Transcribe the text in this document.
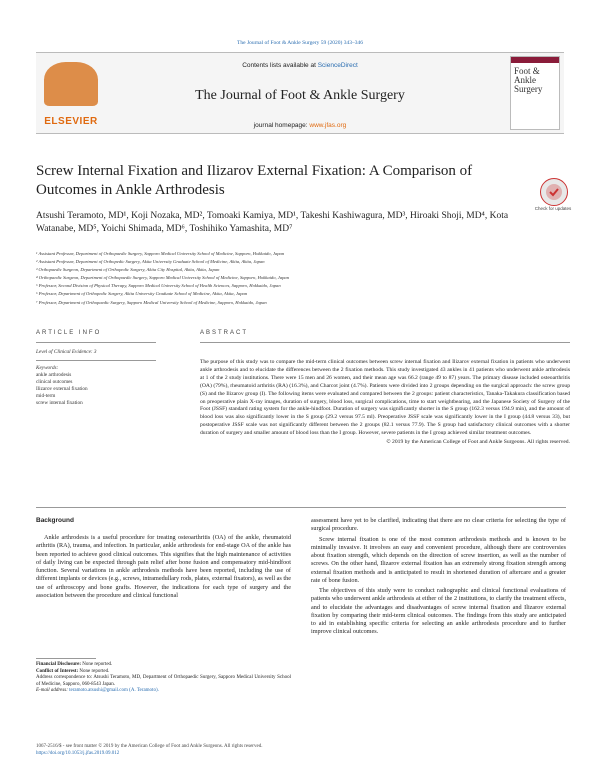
The Journal of Foot & Ankle Surgery 59 (2020) 343–346
ELSEVIER
Contents lists available at ScienceDirect
The Journal of Foot & Ankle Surgery
journal homepage: www.jfas.org
Foot & Ankle Surgery
Screw Internal Fixation and Ilizarov External Fixation: A Comparison of Outcomes in Ankle Arthrodesis
Check for updates
Atsushi Teramoto, MD¹, Koji Nozaka, MD², Tomoaki Kamiya, MD¹, Takeshi Kashiwagura, MD³, Hiroaki Shoji, MD⁴, Kota Watanabe, MD⁵, Yoichi Shimada, MD⁶, Toshihiko Yamashita, MD⁷
¹ Assistant Professor, Department of Orthopaedic Surgery, Sapporo Medical University School of Medicine, Sapporo, Hokkaido, Japan
² Assistant Professor, Department of Orthopedic Surgery, Akita University Graduate School of Medicine, Akita, Akita, Japan
³ Orthopaedic Surgeon, Department of Orthopedic Surgery, Akita City Hospital, Akita, Akita, Japan
⁴ Orthopaedic Surgeon, Department of Orthopaedic Surgery, Sapporo Medical University School of Medicine, Sapporo, Hokkaido, Japan
⁵ Professor, Second Division of Physical Therapy, Sapporo Medical University School of Health Sciences, Sapporo, Hokkaido, Japan
⁶ Professor, Department of Orthopedic Surgery, Akita University Graduate School of Medicine, Akita, Akita, Japan
⁷ Professor, Department of Orthopaedic Surgery, Sapporo Medical University School of Medicine, Sapporo, Hokkaido, Japan
ARTICLE INFO
Level of Clinical Evidence: 3
Keywords:
ankle arthrodesis
clinical outcomes
Ilizarov external fixation
mid-term
screw internal fixation
ABSTRACT
The purpose of this study was to compare the mid-term clinical outcomes between screw internal fixation and Ilizarov external fixation in patients who underwent ankle arthrodesis and to elucidate the differences between the 2 fixation methods. This study investigated 43 ankles in 41 patients who underwent ankle arthrodesis at 1 of the 2 study institutions. There were 15 men and 26 women, and their mean age was 66.2 (range 49 to 87) years. The primary disease included osteoarthritis (OA) (79%), rheumatoid arthritis (RA) (16.3%), and Charcot joint (4.7%). Patients were divided into 2 groups depending on the surgical approach: the screw group (S) and the Ilizarov group (I). The following items were evaluated and compared between the 2 groups: patient characteristics, Tanaka-Takakura classification based on preoperative plain X-ray images, duration of surgery, blood loss, surgical complications, time to start weightbearing, and the Japanese Society of Surgery of the Foot (JSSF) standard rating system for the ankle-hindfoot. Duration of surgery was significantly shorter in the S group (162.3 versus 194.9 min), and the amount of blood loss was also significantly lower in the S group (29.2 versus 97.5 ml). Preoperative JSSF scale was significantly lower in the I group (44.8 versus 33), but postoperative JSSF scale was not significantly different between the 2 groups (82.1 versus 77.9). The S group had satisfactory clinical outcomes with a shorter duration of surgery and smaller amount of blood loss than the I group. However, severe patients in the I group achieved similar treatment outcomes.
© 2019 by the American College of Foot and Ankle Surgeons. All rights reserved.
Background

Ankle arthrodesis is a useful procedure for treating osteoarthritis (OA) of the ankle, rheumatoid arthritis (RA), trauma, and infection. In particular, ankle arthrodesis for end-stage OA of the ankle has been reported to achieve good clinical outcomes. This signifies that the high maintenance of activities of daily living can be expected through pain relief after bone fusion and compensatory mid-hindfoot function. Several variations in ankle arthrodesis methods have been reported, including the use of different implants or devices (e.g., screws, intramedullary rods, plates, external fixators), as well as the use of arthroscopy and bone grafts. However, the indications for each type of surgery and the association between the procedure and clinical functional

assessment have yet to be clarified, indicating that there are no clear criteria for selecting the type of surgical procedure.

Screw internal fixation is one of the most common arthrodesis methods and is known to be minimally invasive. It involves an easy and convenient procedure, although there are controversies about fixation strength, which depends on the direction of screw insertion, as well as the number of screws. On the other hand, Ilizarov external fixation has an extremely strong fixation strength among external fixation methods and is anticipated to result in shortened duration of aftercare and a greater rate of bone fusion.

The objectives of this study were to conduct radiographic and clinical functional evaluations of patients who underwent ankle arthrodesis at either of the 2 institutions, to clarify the treatment effects, and to elucidate the advantages and disadvantages of screw internal fixation and Ilizarov external fixation by comparing their mid-term clinical outcomes. The findings from this study are anticipated to aid in establishing specific criteria for selecting an ankle arthrodesis procedure and to further improve clinical outcomes.

Financial Disclosure: None reported.
Conflict of Interest: None reported.
Address correspondence to: Atsushi Teramoto, MD, Department of Orthopaedic Surgery, Sapporo Medical University School of Medicine, Sapporo, 060-8543 Japan.
E-mail address: teramoto.atsushi@gmail.com (A. Teramoto).
1067-2516/$ - see front matter © 2019 by the American College of Foot and Ankle Surgeons. All rights reserved.
https://doi.org/10.1053/j.jfas.2019.09.012
